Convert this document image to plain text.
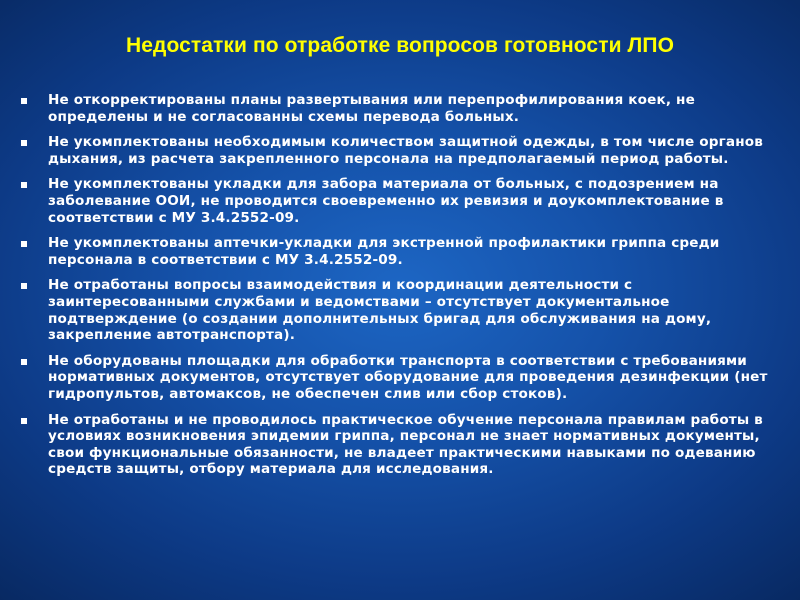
Недостатки по отработке вопросов готовности ЛПО
Не откорректированы планы развертывания или перепрофилирования коек, не определены и не согласованны схемы перевода больных.
Не укомплектованы необходимым количеством защитной одежды, в том числе органов дыхания, из расчета закрепленного персонала на предполагаемый период работы.
Не укомплектованы укладки для забора материала от больных, с подозрением на заболевание ООИ, не проводится своевременно их ревизия и доукомплектование в соответствии с МУ 3.4.2552-09.
Не укомплектованы аптечки-укладки для экстренной профилактики гриппа среди персонала в соответствии с МУ 3.4.2552-09.
Не отработаны вопросы взаимодействия и координации деятельности с заинтересованными службами и ведомствами – отсутствует документальное подтверждение (о создании дополнительных бригад для обслуживания на дому, закрепление автотранспорта).
Не оборудованы площадки для обработки транспорта в соответствии с требованиями нормативных документов, отсутствует оборудование для проведения дезинфекции (нет гидропультов, автомаксов, не обеспечен слив или сбор стоков).
Не отработаны и не проводилось практическое обучение персонала правилам работы в условиях возникновения эпидемии гриппа, персонал не знает нормативных документы, свои функциональные обязанности, не владеет практическими навыками по одеванию средств защиты, отбору материала для исследования.
